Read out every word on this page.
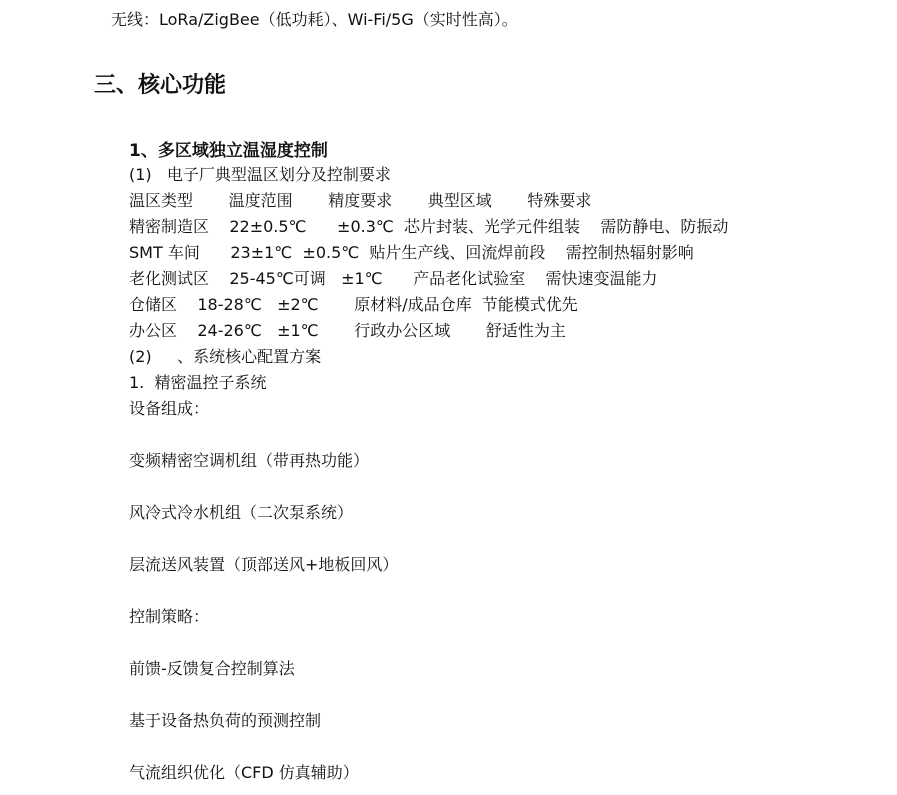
无线：LoRa/ZigBee（低功耗）、Wi-Fi/5G（实时性高）。
三、核心功能
1、多区域独立温湿度控制
(1)   电子厂典型温区划分及控制要求
温区类型       温度范围       精度要求       典型区域       特殊要求
精密制造区    22±0.5℃      ±0.3℃  芯片封装、光学元件组装    需防静电、防振动
SMT 车间      23±1℃  ±0.5℃  贴片生产线、回流焊前段    需控制热辐射影响
老化测试区    25-45℃可调   ±1℃      产品老化试验室    需快速变温能力
仓储区    18-28℃   ±2℃       原材料/成品仓库  节能模式优先
办公区    24-26℃   ±1℃       行政办公区域       舒适性为主
(2)     、系统核心配置方案
1.  精密温控子系统
设备组成：
变频精密空调机组（带再热功能）
风冷式冷水机组（二次泵系统）
层流送风装置（顶部送风+地板回风）
控制策略：
前馈-反馈复合控制算法
基于设备热负荷的预测控制
气流组织优化（CFD 仿真辅助）
